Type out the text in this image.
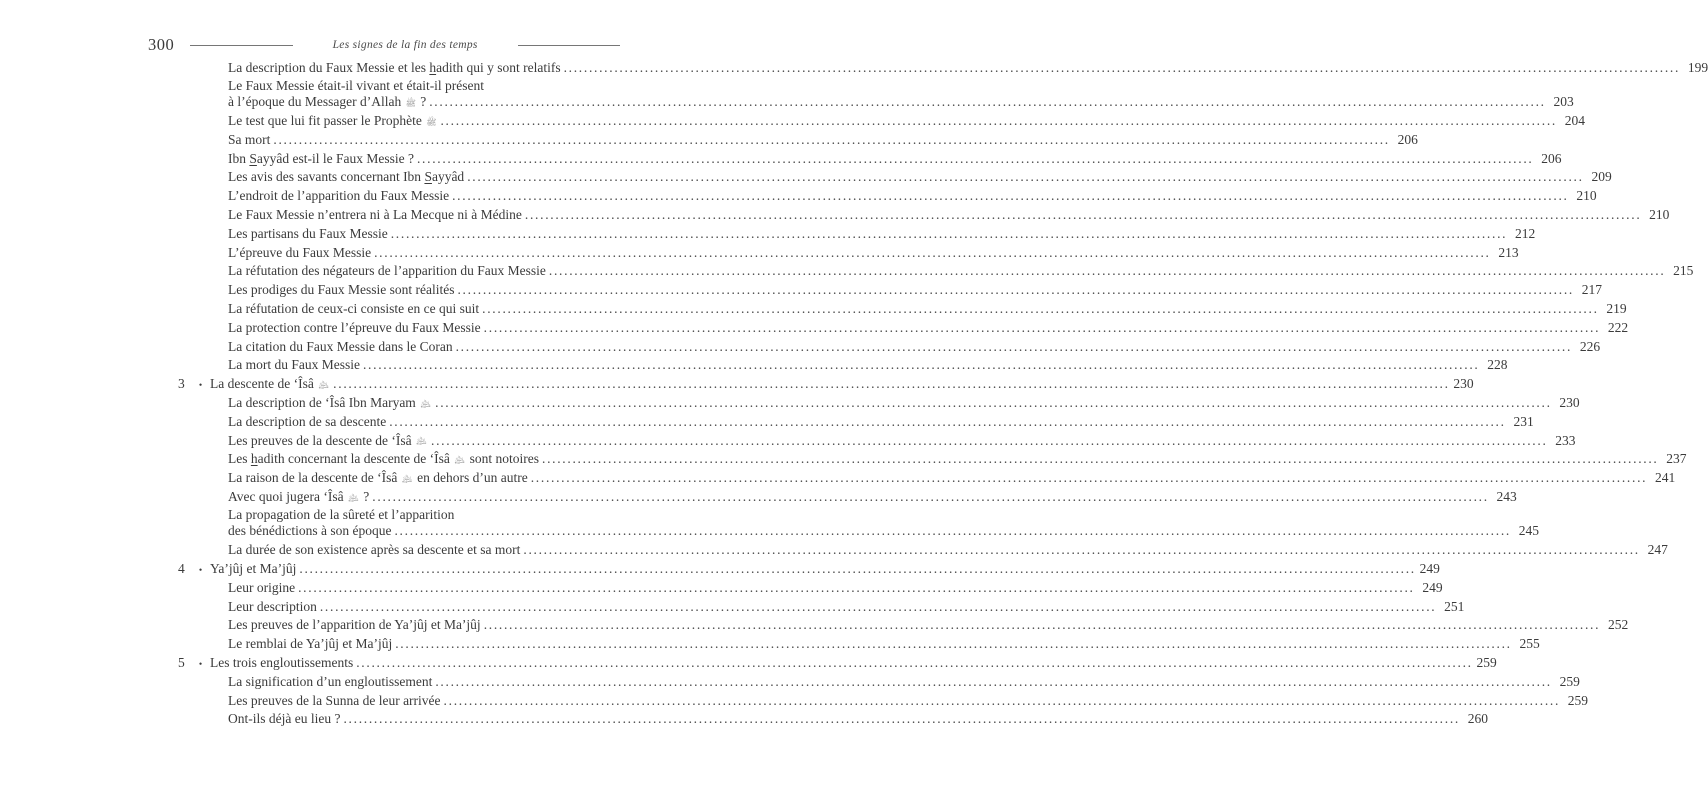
300	Les signes de la fin des temps
La description du Faux Messie et les hadith qui y sont relatifs ............................................................................................................................................................................................................................ 199
Le Faux Messie était-il vivant et était-il présent
à l’époque du Messager d’Allah ﷺ ? ............................................................................................................................................................................................................................ 203
Le test que lui fit passer le Prophète ﷺ ............................................................................................................................................................................................................................ 204
Sa mort ............................................................................................................................................................................................................................ 206
Ibn Sayyâd est-il le Faux Messie ? ............................................................................................................................................................................................................................ 206
Les avis des savants concernant Ibn Sayyâd ............................................................................................................................................................................................................................ 209
L’endroit de l’apparition du Faux Messie ............................................................................................................................................................................................................................ 210
Le Faux Messie n’entrera ni à La Mecque ni à Médine ............................................................................................................................................................................................................................ 210
Les partisans du Faux Messie ............................................................................................................................................................................................................................ 212
L’épreuve du Faux Messie ............................................................................................................................................................................................................................ 213
La réfutation des négateurs de l’apparition du Faux Messie ............................................................................................................................................................................................................................ 215
Les prodiges du Faux Messie sont réalités ............................................................................................................................................................................................................................ 217
La réfutation de ceux-ci consiste en ce qui suit ............................................................................................................................................................................................................................ 219
La protection contre l’épreuve du Faux Messie ............................................................................................................................................................................................................................ 222
La citation du Faux Messie dans le Coran ............................................................................................................................................................................................................................ 226
La mort du Faux Messie ............................................................................................................................................................................................................................ 228
3	• La descente de ‘Îsâ ﵇ ............................................................................................................................................................................................................................ 230
La description de ‘Îsâ Ibn Maryam ﵇ ............................................................................................................................................................................................................................ 230
La description de sa descente ............................................................................................................................................................................................................................ 231
Les preuves de la descente de ‘Îsâ ﵇ ............................................................................................................................................................................................................................ 233
Les hadith concernant la descente de ‘Îsâ ﵇ sont notoires ............................................................................................................................................................................................................................ 237
La raison de la descente de ‘Îsâ ﵇ en dehors d’un autre ............................................................................................................................................................................................................................ 241
Avec quoi jugera ‘Îsâ ﵇ ? ............................................................................................................................................................................................................................ 243
La propagation de la sûreté et l’apparition
des bénédictions à son époque ............................................................................................................................................................................................................................ 245
La durée de son existence après sa descente et sa mort ............................................................................................................................................................................................................................ 247
4	• Ya’jûj et Ma’jûj ............................................................................................................................................................................................................................ 249
Leur origine ............................................................................................................................................................................................................................ 249
Leur description ............................................................................................................................................................................................................................ 251
Les preuves de l’apparition de Ya’jûj et Ma’jûj ............................................................................................................................................................................................................................ 252
Le remblai de Ya’jûj et Ma’jûj ............................................................................................................................................................................................................................ 255
5	• Les trois engloutissements ............................................................................................................................................................................................................................ 259
La signification d’un engloutissement ............................................................................................................................................................................................................................ 259
Les preuves de la Sunna de leur arrivée ............................................................................................................................................................................................................................ 259
Ont-ils déjà eu lieu ? ............................................................................................................................................................................................................................ 260
